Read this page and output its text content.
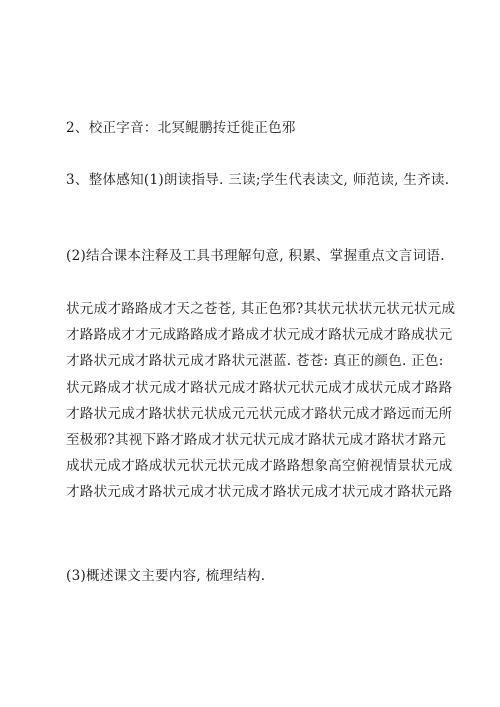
2、校正字音：北冥鲲鹏抟迁徙正色邪

3、整体感知(1)朗读指导. 三读;学生代表读文, 师范读, 生齐读.

(2)结合课本注释及工具书理解句意, 积累、掌握重点文言词语.

状元成才路路成才天之苍苍, 其正色邪?其状元状状元状元状元成才路路成才才元成路路成才路成才状元成才路状元成才路成状元才路状元成才路状元成才路状元湛蓝. 苍苍: 真正的颜色. 正色: 状元路成才状元成才路状元成才路状元状元成才成状元成才路路才路状元成才路状状元状成元元状元成才路状元成才路远而无所至极邪?其视下路才路成才状元状元成才路状元成才路状才路元成状元成才路成状元状元状元成才路路想象高空俯视情景状元成才路状元成才路状元成才状元成才路状元成才状元成才路状元路

(3)概述课文主要内容, 梳理结构.
